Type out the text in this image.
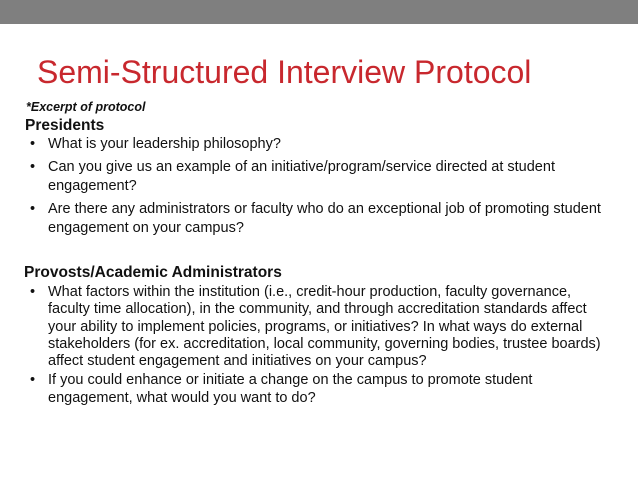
Semi-Structured Interview Protocol
*Excerpt of protocol
Presidents
• What is your leadership philosophy?
• Can you give us an example of an initiative/program/service directed at student engagement?
• Are there any administrators or faculty who do an exceptional job of promoting student engagement on your campus?
Provosts/Academic Administrators
• What factors within the institution (i.e., credit-hour production, faculty governance, faculty time allocation), in the community, and through accreditation standards affect your ability to implement policies, programs, or initiatives? In what ways do external stakeholders (for ex. accreditation, local community, governing bodies, trustee boards) affect student engagement and initiatives on your campus?
• If you could enhance or initiate a change on the campus to promote student engagement, what would you want to do?
